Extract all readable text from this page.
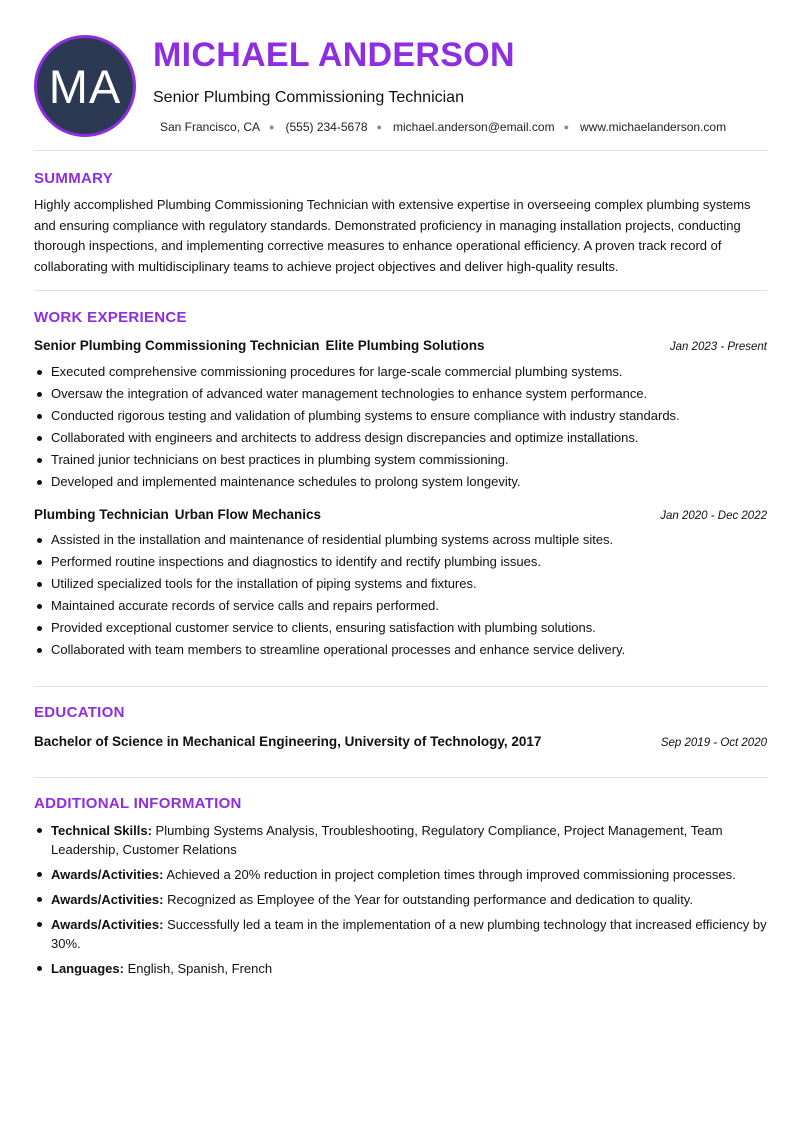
MA
MICHAEL ANDERSON
Senior Plumbing Commissioning Technician
San Francisco, CA ● (555) 234-5678 ● michael.anderson@email.com ● www.michaelanderson.com
SUMMARY

Highly accomplished Plumbing Commissioning Technician with extensive expertise in overseeing complex plumbing systems and ensuring compliance with regulatory standards. Demonstrated proficiency in managing installation projects, conducting thorough inspections, and implementing corrective measures to enhance operational efficiency. A proven track record of collaborating with multidisciplinary teams to achieve project objectives and deliver high-quality results.

WORK EXPERIENCE
Senior Plumbing Commissioning Technician Elite Plumbing Solutions	Jan 2023 - Present
Executed comprehensive commissioning procedures for large-scale commercial plumbing systems.
Oversaw the integration of advanced water management technologies to enhance system performance.
Conducted rigorous testing and validation of plumbing systems to ensure compliance with industry standards.
Collaborated with engineers and architects to address design discrepancies and optimize installations.
Trained junior technicians on best practices in plumbing system commissioning.
Developed and implemented maintenance schedules to prolong system longevity.
Plumbing Technician Urban Flow Mechanics	Jan 2020 - Dec 2022
Assisted in the installation and maintenance of residential plumbing systems across multiple sites.
Performed routine inspections and diagnostics to identify and rectify plumbing issues.
Utilized specialized tools for the installation of piping systems and fixtures.
Maintained accurate records of service calls and repairs performed.
Provided exceptional customer service to clients, ensuring satisfaction with plumbing solutions.
Collaborated with team members to streamline operational processes and enhance service delivery.
EDUCATION
Bachelor of Science in Mechanical Engineering, University of Technology, 2017	Sep 2019 - Oct 2020
ADDITIONAL INFORMATION
Technical Skills: Plumbing Systems Analysis, Troubleshooting, Regulatory Compliance, Project Management, Team Leadership, Customer Relations
Awards/Activities: Achieved a 20% reduction in project completion times through improved commissioning processes.
Awards/Activities: Recognized as Employee of the Year for outstanding performance and dedication to quality.
Awards/Activities: Successfully led a team in the implementation of a new plumbing technology that increased efficiency by 30%.
Languages: English, Spanish, French
